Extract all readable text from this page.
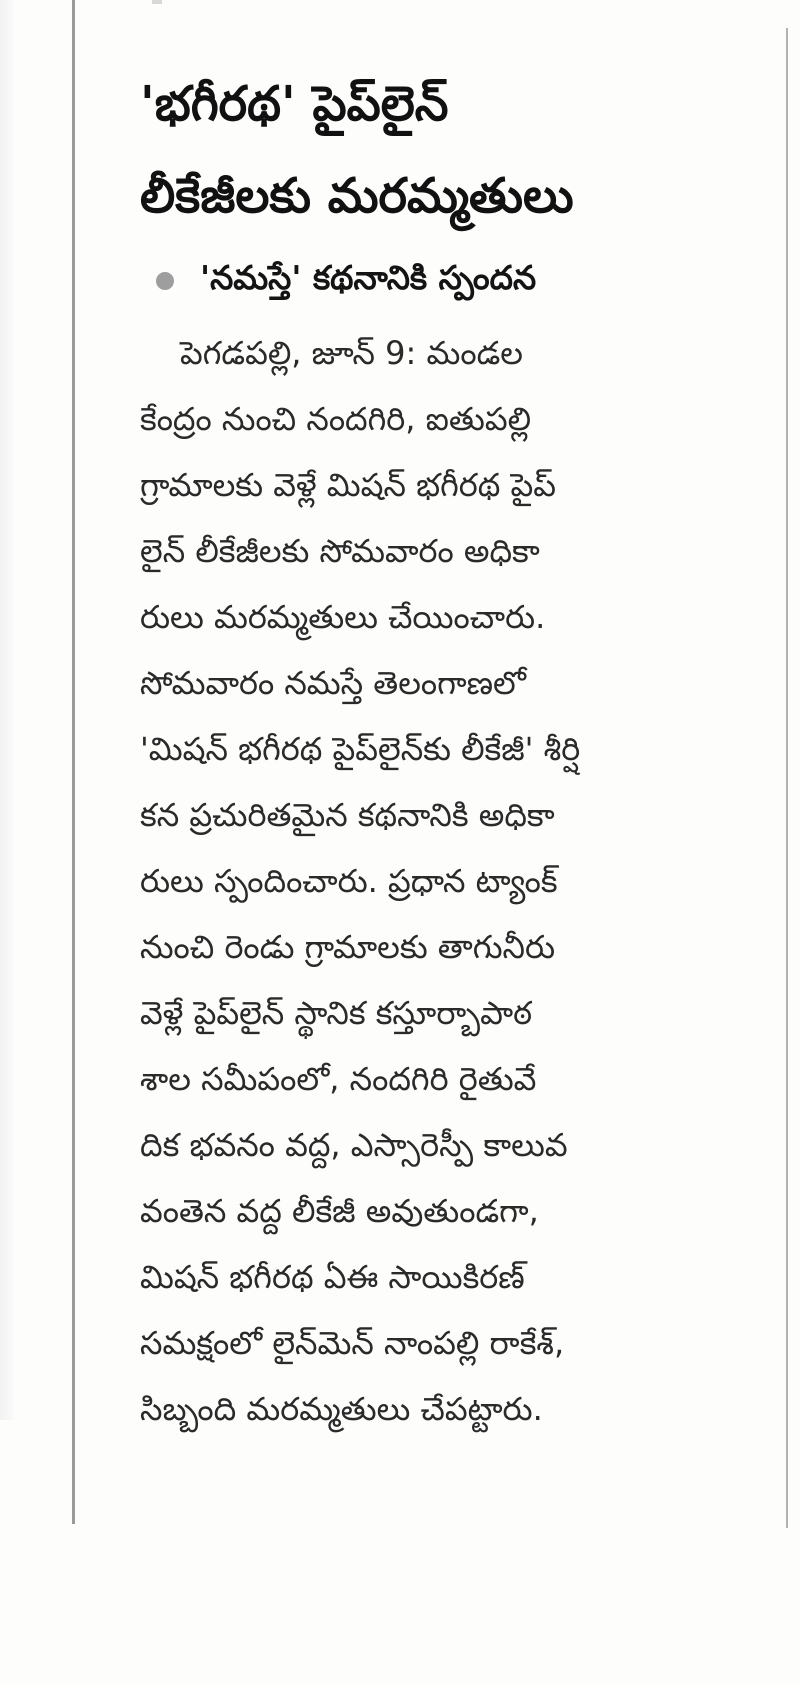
'భగీరథ' పైప్‌లైన్
లీకేజీలకు మరమ్మతులు
'నమస్తే' కథనానికి స్పందన
పెగడపల్లి, జూన్ 9: మండల
కేంద్రం నుంచి నందగిరి, ఐతుపల్లి
గ్రామాలకు వెళ్లే మిషన్ భగీరథ పైప్
లైన్ లీకేజీలకు సోమవారం అధికా
రులు మరమ్మతులు చేయించారు.
సోమవారం నమస్తే తెలంగాణలో
'మిషన్ భగీరథ పైప్‌లైన్‌కు లీకేజీ' శీర్షి
కన ప్రచురితమైన కథనానికి అధికా
రులు స్పందించారు. ప్రధాన ట్యాంక్
నుంచి రెండు గ్రామాలకు తాగునీరు
వెళ్లే పైప్‌లైన్ స్థానిక కస్తూర్బాపాఠ
శాల సమీపంలో, నందగిరి రైతువే
దిక భవనం వద్ద, ఎస్సారెస్పీ కాలువ
వంతెన వద్ద లీకేజీ అవుతుండగా,
మిషన్ భగీరథ ఏఈ సాయికిరణ్
సమక్షంలో లైన్‌మెన్ నాంపల్లి రాకేశ్,
సిబ్బంది మరమ్మతులు చేపట్టారు.
